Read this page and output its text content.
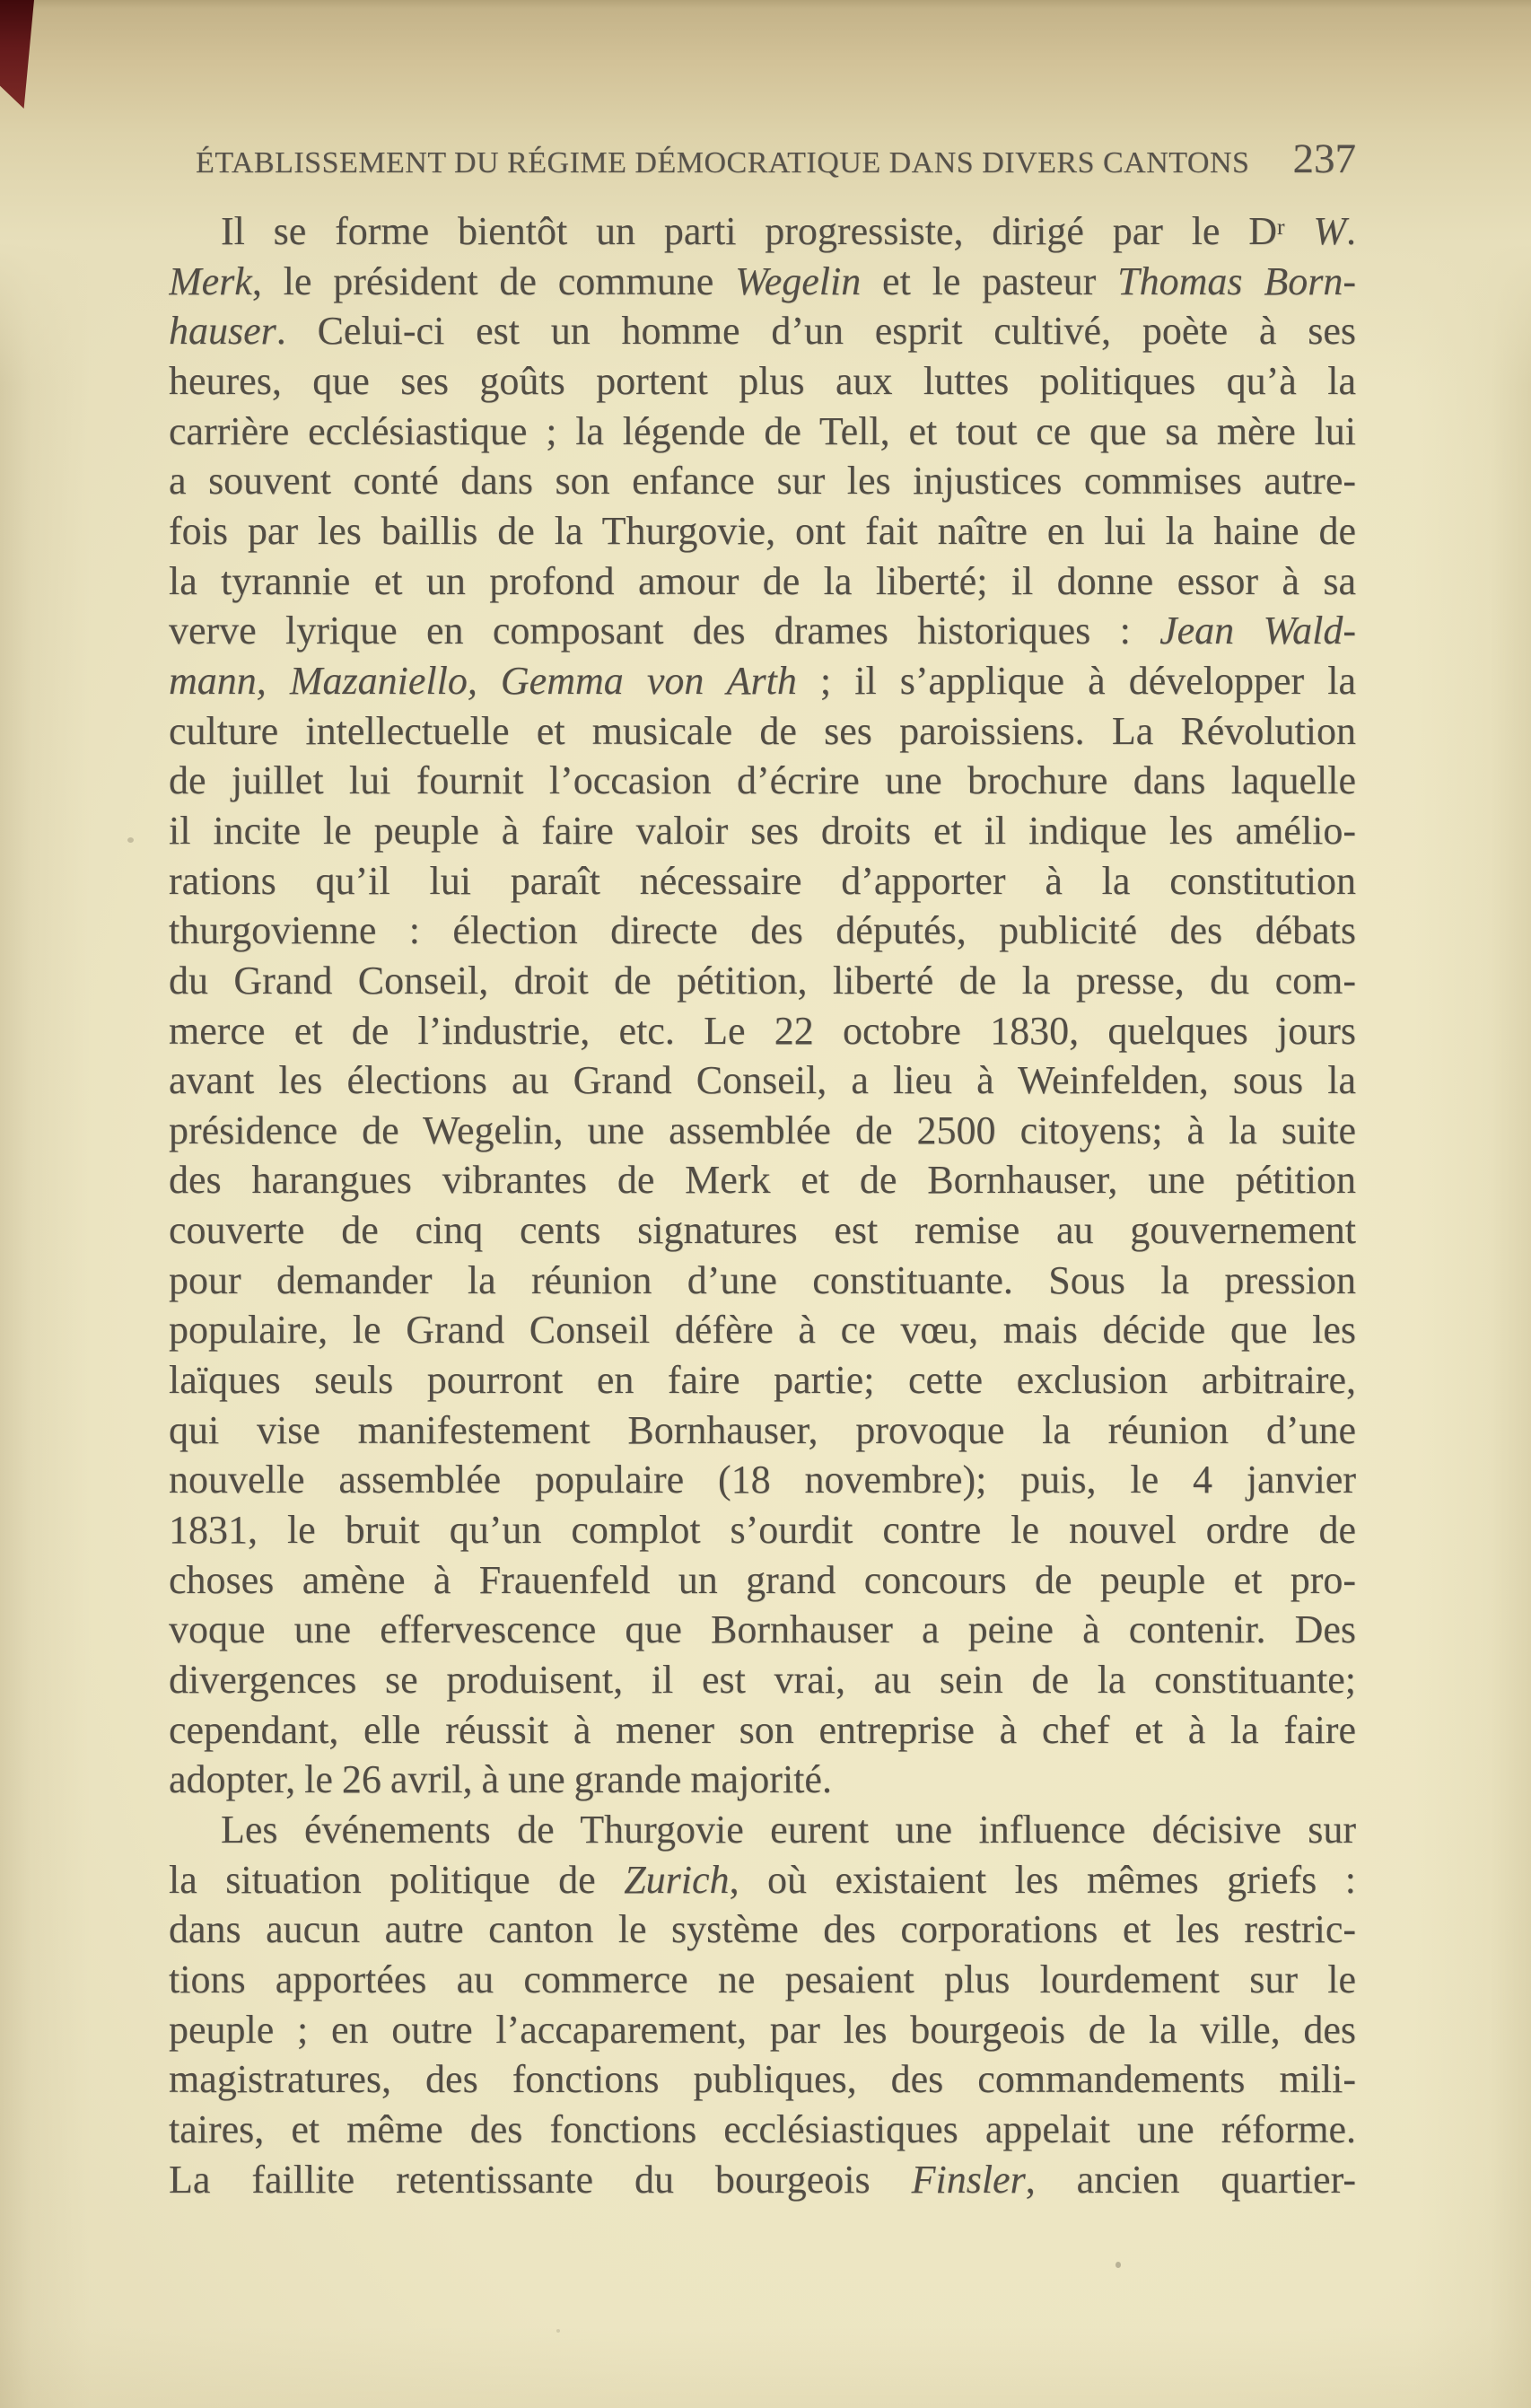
ÉTABLISSEMENT DU RÉGIME DÉMOCRATIQUE DANS DIVERS CANTONS	237
Il se forme bientôt un parti progressiste, dirigé par le $D^r$ W.
Merk, le président de commune Wegelin et le pasteur Thomas Born-
hauser. Celui-ci est un homme d’un esprit cultivé, poète à ses
heures, que ses goûts portent plus aux luttes politiques qu’à la
carrière ecclésiastique ; la légende de Tell, et tout ce que sa mère lui
a souvent conté dans son enfance sur les injustices commises autre-
fois par les baillis de la Thurgovie, ont fait naître en lui la haine de
la tyrannie et un profond amour de la liberté; il donne essor à sa
verve lyrique en composant des drames historiques : Jean Wald-
mann, Mazaniello, Gemma von Arth ; il s’applique à développer la
culture intellectuelle et musicale de ses paroissiens. La Révolution
de juillet lui fournit l’occasion d’écrire une brochure dans laquelle
il incite le peuple à faire valoir ses droits et il indique les amélio-
rations qu’il lui paraît nécessaire d’apporter à la constitution
thurgovienne : élection directe des députés, publicité des débats
du Grand Conseil, droit de pétition, liberté de la presse, du com-
merce et de l’industrie, etc. Le 22 octobre 1830, quelques jours
avant les élections au Grand Conseil, a lieu à Weinfelden, sous la
présidence de Wegelin, une assemblée de 2500 citoyens; à la suite
des harangues vibrantes de Merk et de Bornhauser, une pétition
couverte de cinq cents signatures est remise au gouvernement
pour demander la réunion d’une constituante. Sous la pression
populaire, le Grand Conseil défère à ce vœu, mais décide que les
laïques seuls pourront en faire partie; cette exclusion arbitraire,
qui vise manifestement Bornhauser, provoque la réunion d’une
nouvelle assemblée populaire (18 novembre); puis, le 4 janvier
1831, le bruit qu’un complot s’ourdit contre le nouvel ordre de
choses amène à Frauenfeld un grand concours de peuple et pro-
voque une effervescence que Bornhauser a peine à contenir. Des
divergences se produisent, il est vrai, au sein de la constituante;
cependant, elle réussit à mener son entreprise à chef et à la faire
adopter, le 26 avril, à une grande majorité.
Les événements de Thurgovie eurent une influence décisive sur
la situation politique de Zurich, où existaient les mêmes griefs :
dans aucun autre canton le système des corporations et les restric-
tions apportées au commerce ne pesaient plus lourdement sur le
peuple ; en outre l’accaparement, par les bourgeois de la ville, des
magistratures, des fonctions publiques, des commandements mili-
taires, et même des fonctions ecclésiastiques appelait une réforme.
La faillite retentissante du bourgeois Finsler, ancien quartier-
